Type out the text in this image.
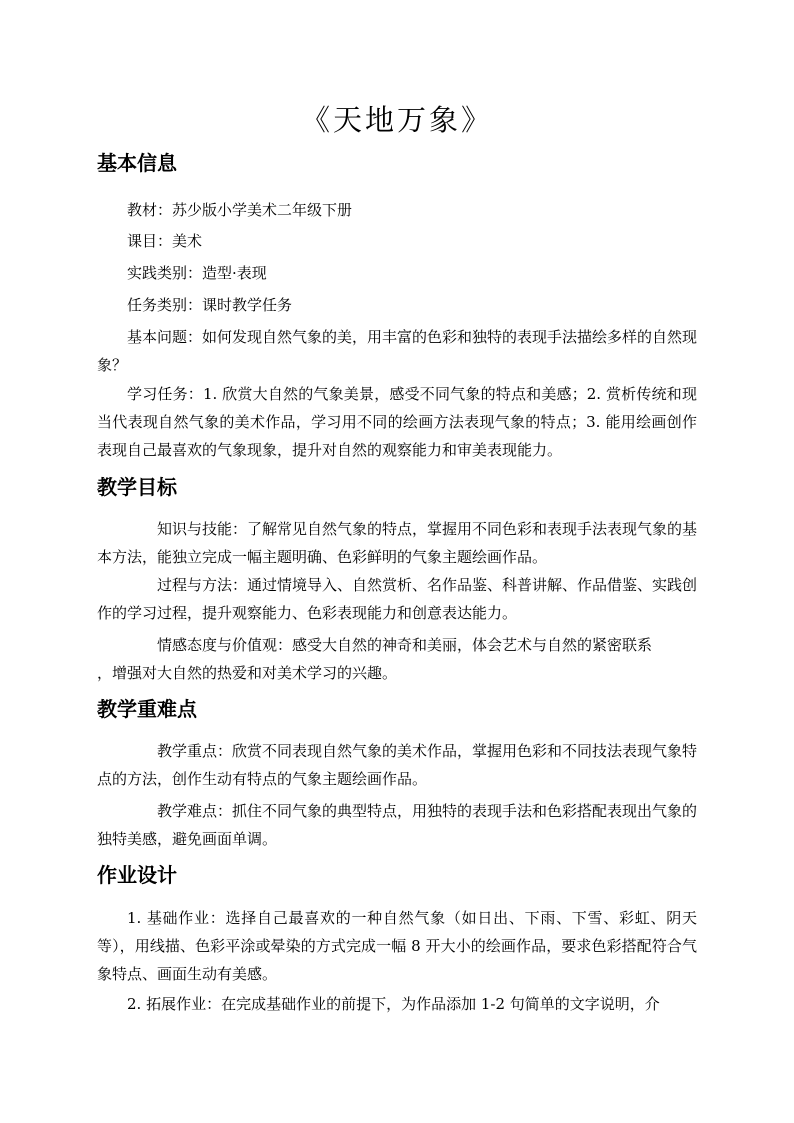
《天地万象》
基本信息
教材：苏少版小学美术二年级下册
课目：美术
实践类别：造型·表现
任务类别：课时教学任务
基本问题：如何发现自然气象的美，用丰富的色彩和独特的表现手法描绘多样的自然现象？
学习任务：1. 欣赏大自然的气象美景，感受不同气象的特点和美感；2. 赏析传统和现当代表现自然气象的美术作品，学习用不同的绘画方法表现气象的特点；3. 能用绘画创作表现自己最喜欢的气象现象，提升对自然的观察能力和审美表现能力。
教学目标
知识与技能：了解常见自然气象的特点，掌握用不同色彩和表现手法表现气象的基本方法，能独立完成一幅主题明确、色彩鲜明的气象主题绘画作品。
过程与方法：通过情境导入、自然赏析、名作品鉴、科普讲解、作品借鉴、实践创作的学习过程，提升观察能力、色彩表现能力和创意表达能力。
情感态度与价值观：感受大自然的神奇和美丽，体会艺术与自然的紧密联系
，增强对大自然的热爱和对美术学习的兴趣。
教学重难点
教学重点：欣赏不同表现自然气象的美术作品，掌握用色彩和不同技法表现气象特点的方法，创作生动有特点的气象主题绘画作品。
教学难点：抓住不同气象的典型特点，用独特的表现手法和色彩搭配表现出气象的独特美感，避免画面单调。
作业设计
1. 基础作业：选择自己最喜欢的一种自然气象（如日出、下雨、下雪、彩虹、阴天等），用线描、色彩平涂或晕染的方式完成一幅 8 开大小的绘画作品，要求色彩搭配符合气象特点、画面生动有美感。
2. 拓展作业：在完成基础作业的前提下，为作品添加 1-2 句简单的文字说明，介
